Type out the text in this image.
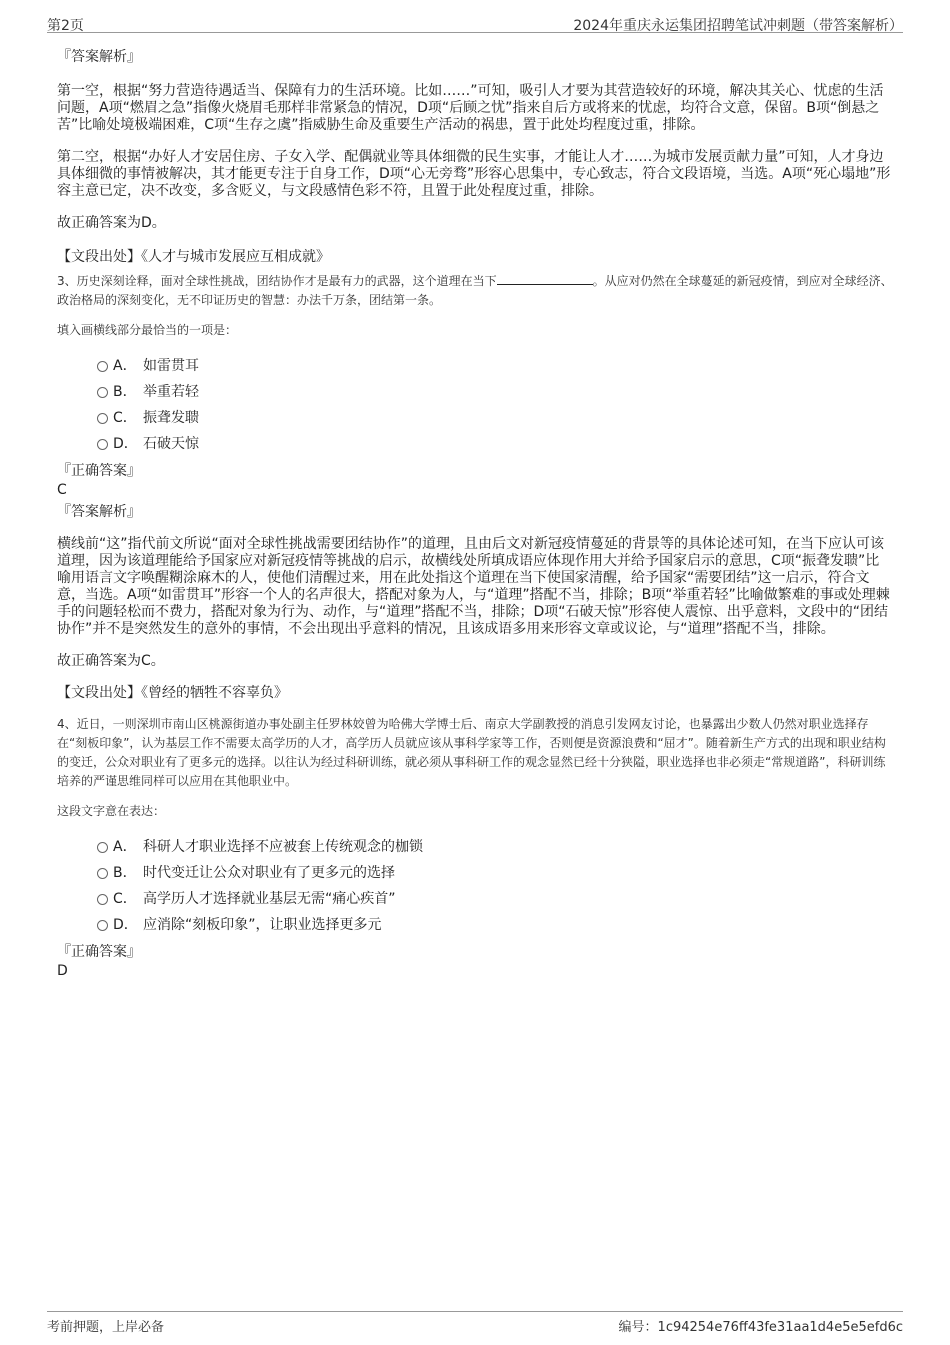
第2页	2024年重庆永运集团招聘笔试冲刺题（带答案解析）
『答案解析』

第一空，根据“努力营造待遇适当、保障有力的生活环境。比如……”可知，吸引人才要为其营造较好的环境，解决其关心、忧虑的生活问题，A项“燃眉之急”指像火烧眉毛那样非常紧急的情况，D项“后顾之忧”指来自后方或将来的忧虑，均符合文意，保留。B项“倒悬之苦”比喻处境极端困难，C项“生存之虞”指威胁生命及重要生产活动的祸患，置于此处均程度过重，排除。

第二空，根据“办好人才安居住房、子女入学、配偶就业等具体细微的民生实事，才能让人才……为城市发展贡献力量”可知，人才身边具体细微的事情被解决，其才能更专注于自身工作，D项“心无旁骛”形容心思集中，专心致志，符合文段语境，当选。A项“死心塌地”形容主意已定，决不改变，多含贬义，与文段感情色彩不符，且置于此处程度过重，排除。

故正确答案为D。

【文段出处】《人才与城市发展应互相成就》

3、历史深刻诠释，面对全球性挑战，团结协作才是最有力的武器，这个道理在当下	。从应对仍然在全球蔓延的新冠疫情，到应对全球经济、政治格局的深刻变化，无不印证历史的智慧：办法千万条，团结第一条。

填入画横线部分最恰当的一项是：

A． 如雷贯耳
B． 举重若轻
C． 振聋发聩
D． 石破天惊
『正确答案』
C
『答案解析』

横线前“这”指代前文所说“面对全球性挑战需要团结协作”的道理，且由后文对新冠疫情蔓延的背景等的具体论述可知，在当下应认可该道理，因为该道理能给予国家应对新冠疫情等挑战的启示，故横线处所填成语应体现作用大并给予国家启示的意思，C项“振聋发聩”比喻用语言文字唤醒糊涂麻木的人，使他们清醒过来，用在此处指这个道理在当下使国家清醒，给予国家“需要团结”这一启示，符合文意，当选。A项“如雷贯耳”形容一个人的名声很大，搭配对象为人，与“道理”搭配不当，排除；B项“举重若轻”比喻做繁难的事或处理棘手的问题轻松而不费力，搭配对象为行为、动作，与“道理”搭配不当，排除；D项“石破天惊”形容使人震惊、出乎意料，文段中的“团结协作”并不是突然发生的意外的事情，不会出现出乎意料的情况，且该成语多用来形容文章或议论，与“道理”搭配不当，排除。

故正确答案为C。

【文段出处】《曾经的牺牲不容辜负》

4、近日，一则深圳市南山区桃源街道办事处副主任罗林姣曾为哈佛大学博士后、南京大学副教授的消息引发网友讨论，也暴露出少数人仍然对职业选择存在“刻板印象”，认为基层工作不需要太高学历的人才，高学历人员就应该从事科学家等工作，否则便是资源浪费和“屈才”。随着新生产方式的出现和职业结构的变迁，公众对职业有了更多元的选择。以往认为经过科研训练，就必须从事科研工作的观念显然已经十分狭隘，职业选择也非必须走“常规道路”，科研训练培养的严谨思维同样可以应用在其他职业中。

这段文字意在表达：

A． 科研人才职业选择不应被套上传统观念的枷锁
B． 时代变迁让公众对职业有了更多元的选择
C． 高学历人才选择就业基层无需“痛心疾首”
D． 应消除“刻板印象”，让职业选择更多元
『正确答案』
D
考前押题，上岸必备	编号：1c94254e76ff43fe31aa1d4e5e5efd6c
